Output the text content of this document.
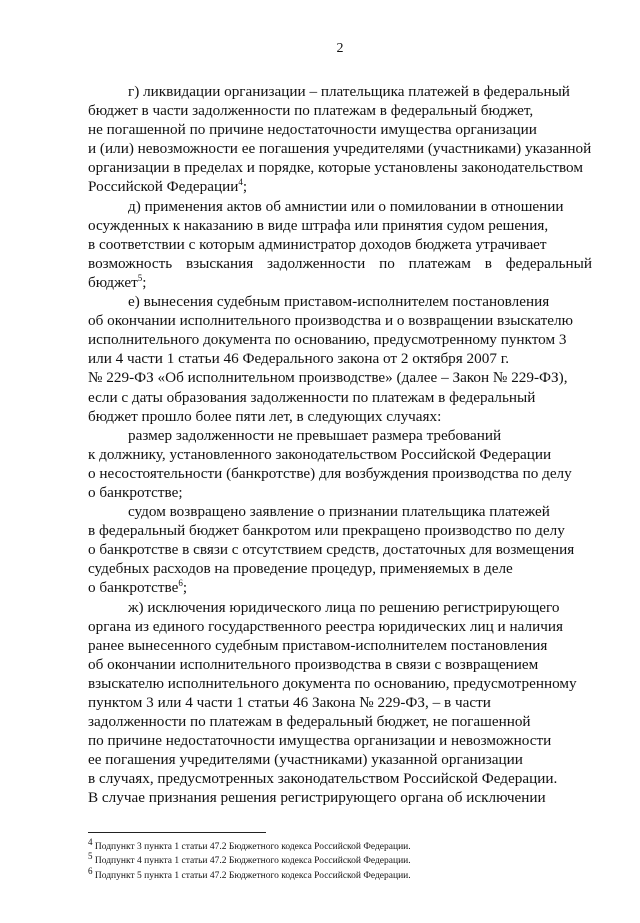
2

г) ликвидации организации – плательщика платежей в федеральный
бюджет в части задолженности по платежам в федеральный бюджет,
не погашенной по причине недостаточности имущества организации
и (или) невозможности ее погашения учредителями (участниками) указанной
организации в пределах и порядке, которые установлены законодательством
Российской Федерации$^4$;

д) применения актов об амнистии или о помиловании в отношении
осужденных к наказанию в виде штрафа или принятия судом решения,
в соответствии с которым администратор доходов бюджета утрачивает
возможность взыскания задолженности по платежам в федеральный бюджет$^5$;

е) вынесения судебным приставом-исполнителем постановления
об окончании исполнительного производства и о возвращении взыскателю
исполнительного документа по основанию, предусмотренному пунктом 3
или 4 части 1 статьи 46 Федерального закона от 2 октября 2007 г.
№ 229-ФЗ «Об исполнительном производстве» (далее – Закон № 229-ФЗ),
если с даты образования задолженности по платежам в федеральный
бюджет прошло более пяти лет, в следующих случаях:

размер задолженности не превышает размера требований
к должнику, установленного законодательством Российской Федерации
о несостоятельности (банкротстве) для возбуждения производства по делу
о банкротстве;

судом возвращено заявление о признании плательщика платежей
в федеральный бюджет банкротом или прекращено производство по делу
о банкротстве в связи с отсутствием средств, достаточных для возмещения
судебных расходов на проведение процедур, применяемых в деле
о банкротстве$^6$;

ж) исключения юридического лица по решению регистрирующего
органа из единого государственного реестра юридических лиц и наличия
ранее вынесенного судебным приставом-исполнителем постановления
об окончании исполнительного производства в связи с возвращением
взыскателю исполнительного документа по основанию, предусмотренному
пунктом 3 или 4 части 1 статьи 46 Закона № 229-ФЗ, – в части
задолженности по платежам в федеральный бюджет, не погашенной
по причине недостаточности имущества организации и невозможности
ее погашения учредителями (участниками) указанной организации
в случаях, предусмотренных законодательством Российской Федерации.
В случае признания решения регистрирующего органа об исключении

$^4$ Подпункт 3 пункта 1 статьи 47.2 Бюджетного кодекса Российской Федерации.

$^5$ Подпункт 4 пункта 1 статьи 47.2 Бюджетного кодекса Российской Федерации.

$^6$ Подпункт 5 пункта 1 статьи 47.2 Бюджетного кодекса Российской Федерации.
